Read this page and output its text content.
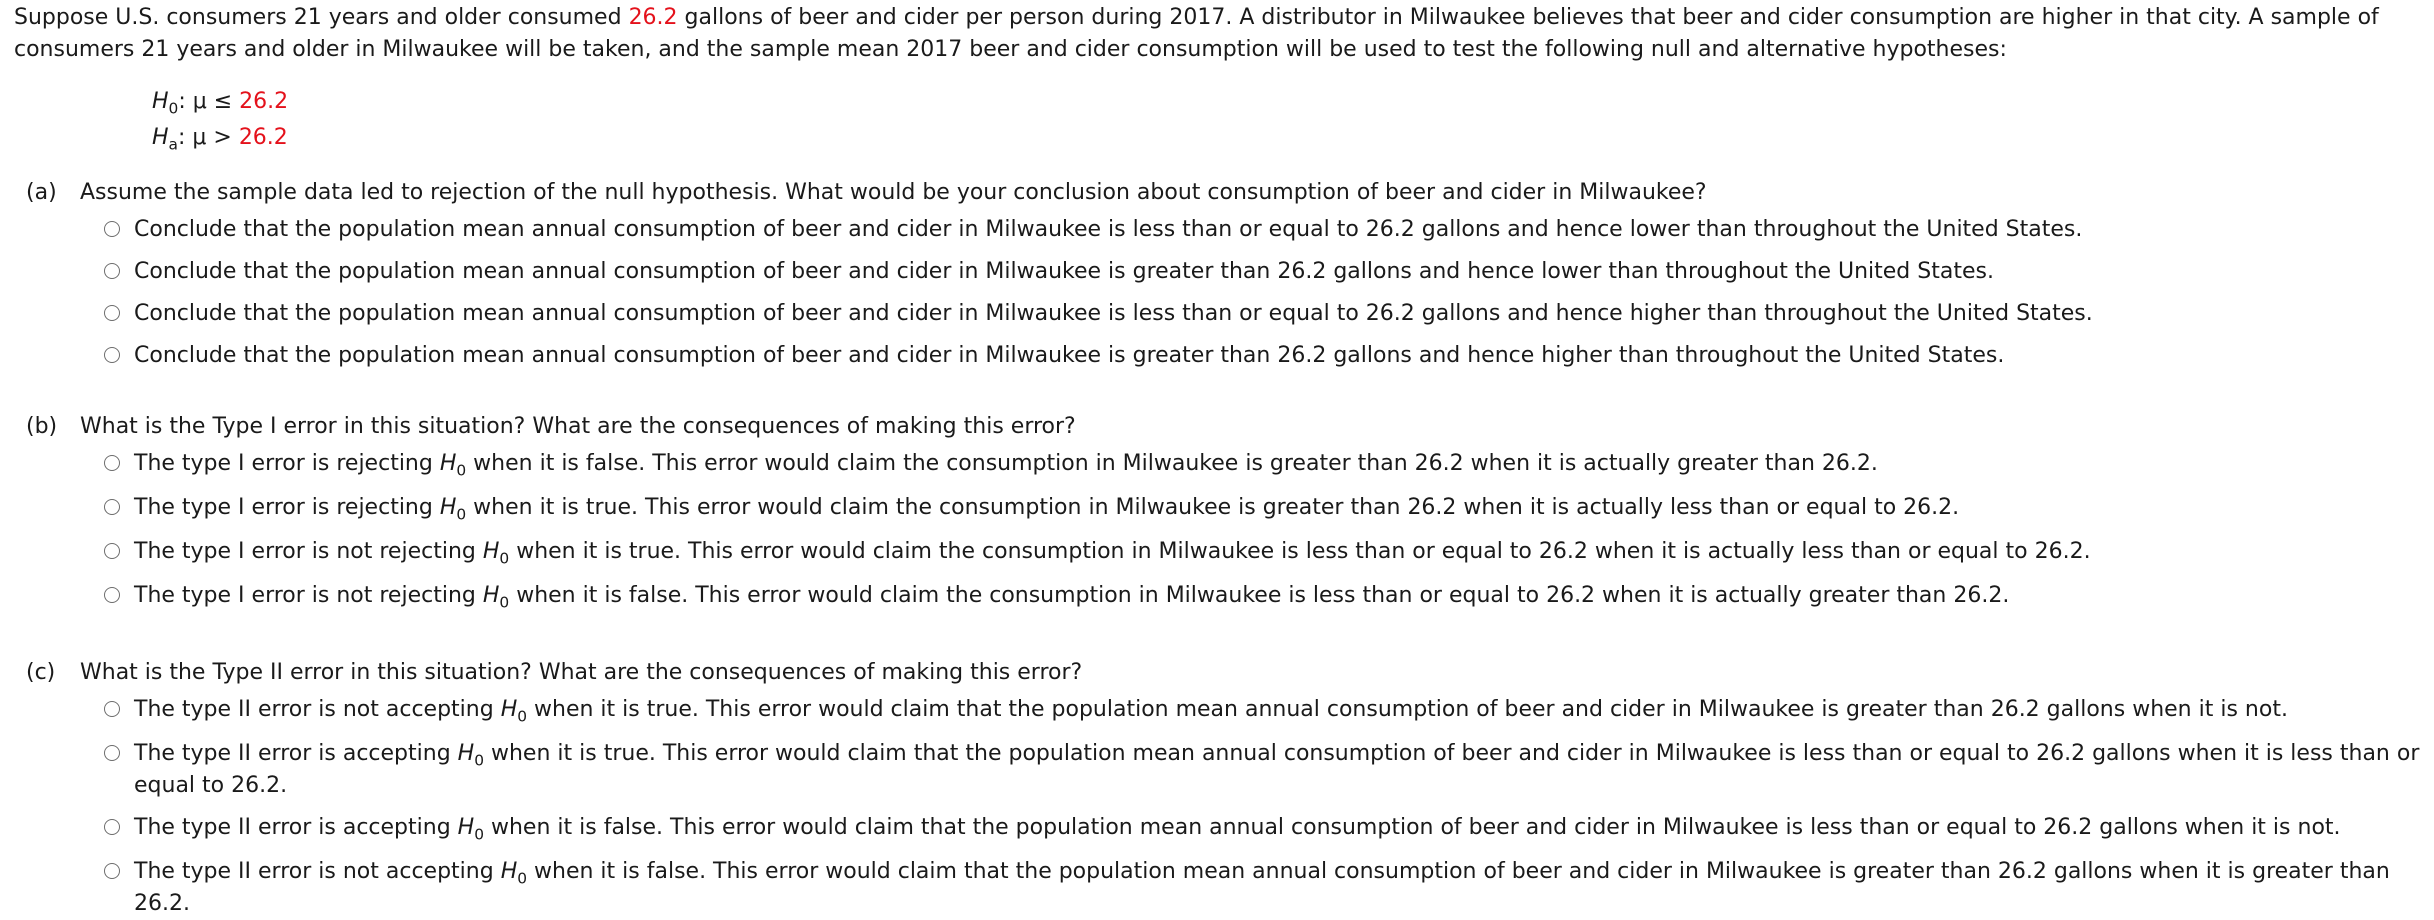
Suppose U.S. consumers 21 years and older consumed 26.2 gallons of beer and cider per person during 2017. A distributor in Milwaukee believes that beer and cider consumption are higher in that city. A sample of consumers 21 years and older in Milwaukee will be taken, and the sample mean 2017 beer and cider consumption will be used to test the following null and alternative hypotheses:

$H_0$: μ ≤ 26.2
$H_a$: μ > 26.2
(a)	Assume the sample data led to rejection of the null hypothesis. What would be your conclusion about consumption of beer and cider in Milwaukee?
Conclude that the population mean annual consumption of beer and cider in Milwaukee is less than or equal to 26.2 gallons and hence lower than throughout the United States.
Conclude that the population mean annual consumption of beer and cider in Milwaukee is greater than 26.2 gallons and hence lower than throughout the United States.
Conclude that the population mean annual consumption of beer and cider in Milwaukee is less than or equal to 26.2 gallons and hence higher than throughout the United States.
Conclude that the population mean annual consumption of beer and cider in Milwaukee is greater than 26.2 gallons and hence higher than throughout the United States.
(b)	What is the Type I error in this situation? What are the consequences of making this error?
The type I error is rejecting $H_0$ when it is false. This error would claim the consumption in Milwaukee is greater than 26.2 when it is actually greater than 26.2.
The type I error is rejecting $H_0$ when it is true. This error would claim the consumption in Milwaukee is greater than 26.2 when it is actually less than or equal to 26.2.
The type I error is not rejecting $H_0$ when it is true. This error would claim the consumption in Milwaukee is less than or equal to 26.2 when it is actually less than or equal to 26.2.
The type I error is not rejecting $H_0$ when it is false. This error would claim the consumption in Milwaukee is less than or equal to 26.2 when it is actually greater than 26.2.
(c)	What is the Type II error in this situation? What are the consequences of making this error?
The type II error is not accepting $H_0$ when it is true. This error would claim that the population mean annual consumption of beer and cider in Milwaukee is greater than 26.2 gallons when it is not.
The type II error is accepting $H_0$ when it is true. This error would claim that the population mean annual consumption of beer and cider in Milwaukee is less than or equal to 26.2 gallons when it is less than or equal to 26.2.
The type II error is accepting $H_0$ when it is false. This error would claim that the population mean annual consumption of beer and cider in Milwaukee is less than or equal to 26.2 gallons when it is not.
The type II error is not accepting $H_0$ when it is false. This error would claim that the population mean annual consumption of beer and cider in Milwaukee is greater than 26.2 gallons when it is greater than 26.2.
